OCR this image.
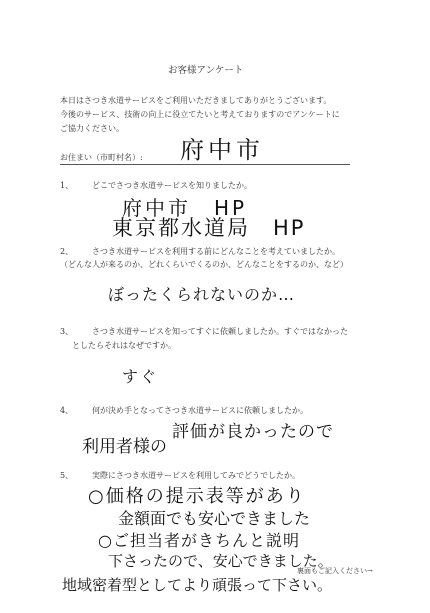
お客様アンケート
本日はさつき水道サービスをご利用いただきましてありがとうございます。
今後のサービス、技術の向上に役立てたいと考えておりますのでアンケートに
ご協力ください。
お住まい（市町村名）:	府中市
1、 どこでさつき水道サービスを知りましたか。
府中市　HP
東京都水道局　HP
2、 さつき水道サービスを利用する前にどんなことを考えていましたか。
（どんな人が来るのか、どれくらいでくるのか、どんなことをするのか、など）
ぼったくられないのか…
3、 さつき水道サービスを知ってすぐに依頼しましたか。すぐではなかった
としたらそれはなぜですか。
すぐ
4、 何が決め手となってさつき水道サービスに依頼しましたか。
利用者様の
評価が良かったので
5、 実際にさつき水道サービスを利用してみでどうでしたか。
○価格の提示表等があり
金額面でも安心できました
○ご担当者がきちんと説明
下さったので、安心できました。
裏面もご記入ください→
地域密着型としてより頑張って下さい。
